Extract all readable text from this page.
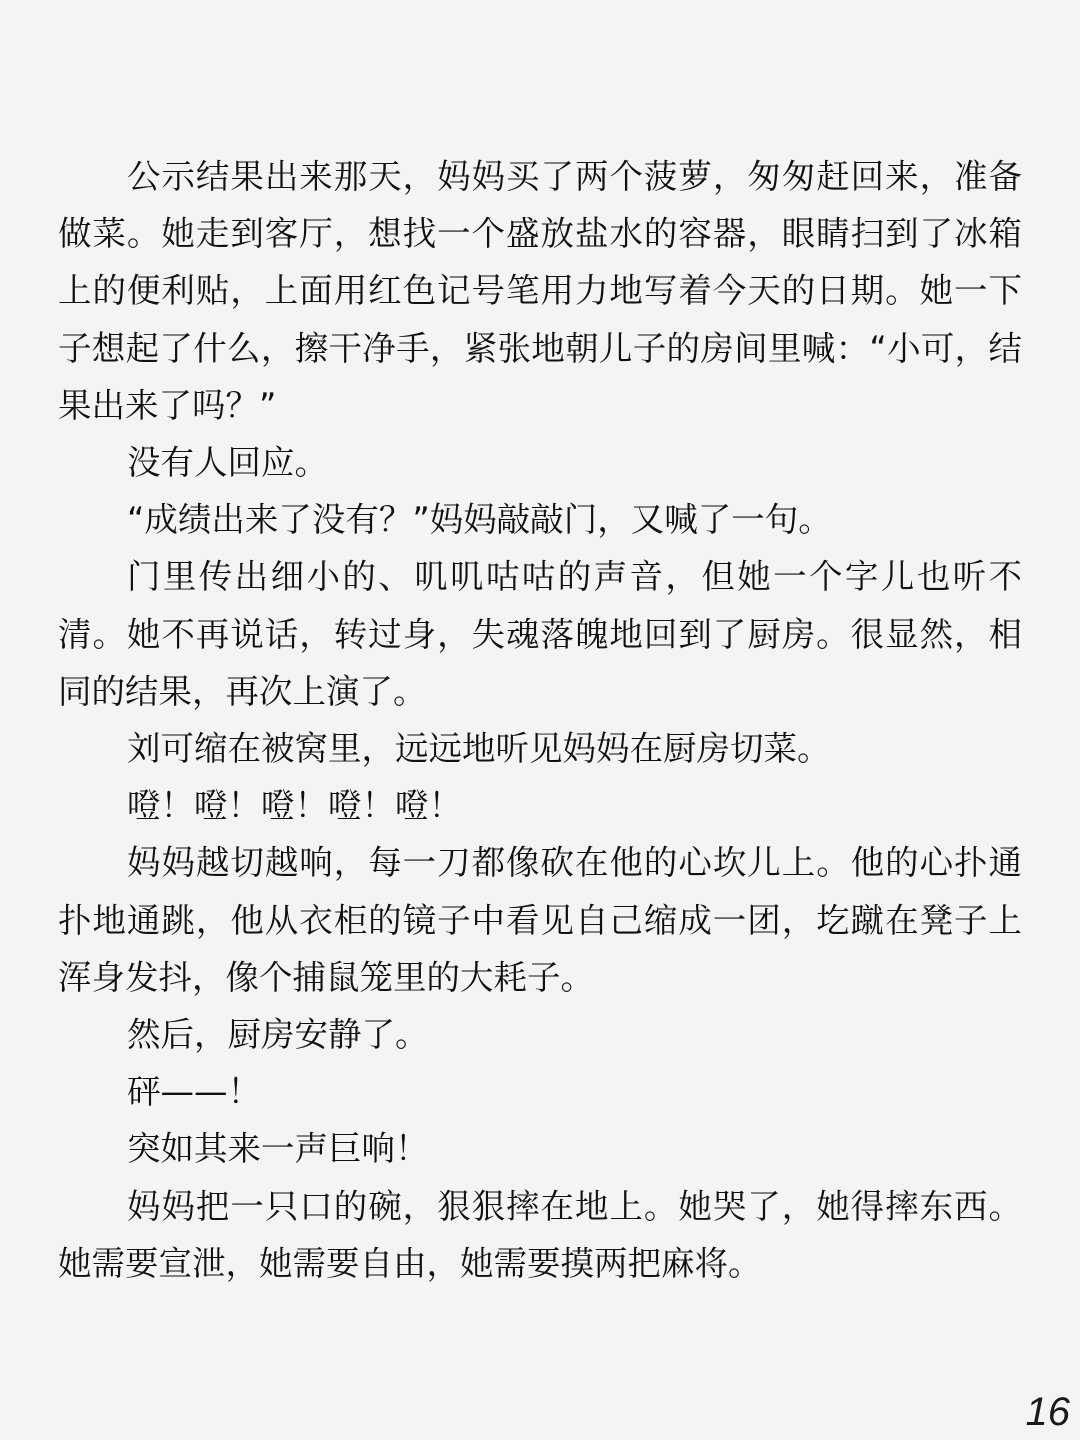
公示结果出来那天，妈妈买了两个菠萝，匆匆赶回来，准备做菜。她走到客厅，想找一个盛放盐水的容器，眼睛扫到了冰箱上的便利贴，上面用红色记号笔用力地写着今天的日期。她一下子想起了什么，擦干净手，紧张地朝儿子的房间里喊：“小可，结果出来了吗？”

没有人回应。

“成绩出来了没有？”妈妈敲敲门，又喊了一句。

门里传出细小的、叽叽咕咕的声音，但她一个字儿也听不清。她不再说话，转过身，失魂落魄地回到了厨房。很显然，相同的结果，再次上演了。

刘可缩在被窝里，远远地听见妈妈在厨房切菜。

噔！噔！噔！噔！噔！

妈妈越切越响，每一刀都像砍在他的心坎儿上。他的心扑通扑地通跳，他从衣柜的镜子中看见自己缩成一团，圪蹴在凳子上浑身发抖，像个捕鼠笼里的大耗子。

然后，厨房安静了。

砰——！

突如其来一声巨响！

妈妈把一只口的碗，狠狠摔在地上。她哭了，她得摔东西。她需要宣泄，她需要自由，她需要摸两把麻将。

16
